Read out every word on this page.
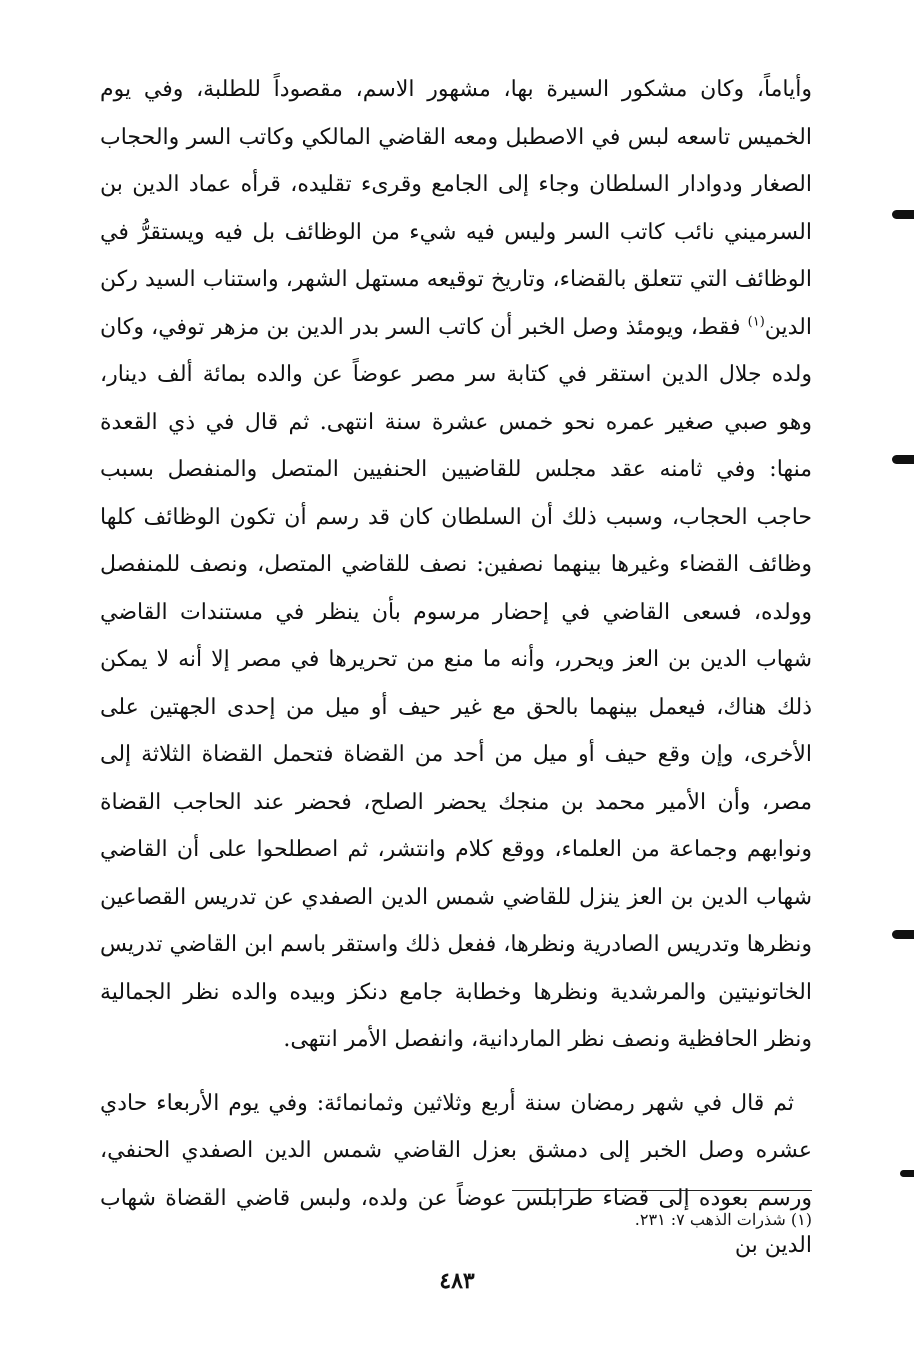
وأياماً، وكان مشكور السيرة بها، مشهور الاسم، مقصوداً للطلبة، وفي يوم الخميس تاسعه لبس في الاصطبل ومعه القاضي المالكي وكاتب السر والحجاب الصغار ودوادار السلطان وجاء إلى الجامع وقرىء تقليده، قرأه عماد الدين بن السرميني نائب كاتب السر وليس فيه شيء من الوظائف بل فيه ويستقرُّ في الوظائف التي تتعلق بالقضاء، وتاريخ توقيعه مستهل الشهر، واستناب السيد ركن الدين$^{(١)}$ فقط، ويومئذ وصل الخبر أن كاتب السر بدر الدين بن مزهر توفي، وكان ولده جلال الدين استقر في كتابة سر مصر عوضاً عن والده بمائة ألف دينار، وهو صبي صغير عمره نحو خمس عشرة سنة انتهى. ثم قال في ذي القعدة منها: وفي ثامنه عقد مجلس للقاضيين الحنفيين المتصل والمنفصل بسبب حاجب الحجاب، وسبب ذلك أن السلطان كان قد رسم أن تكون الوظائف كلها وظائف القضاء وغيرها بينهما نصفين: نصف للقاضي المتصل، ونصف للمنفصل وولده، فسعى القاضي في إحضار مرسوم بأن ينظر في مستندات القاضي شهاب الدين بن العز ويحرر، وأنه ما منع من تحريرها في مصر إلا أنه لا يمكن ذلك هناك، فيعمل بينهما بالحق مع غير حيف أو ميل من إحدى الجهتين على الأخرى، وإن وقع حيف أو ميل من أحد من القضاة فتحمل القضاة الثلاثة إلى مصر، وأن الأمير محمد بن منجك يحضر الصلح، فحضر عند الحاجب القضاة ونوابهم وجماعة من العلماء، ووقع كلام وانتشر، ثم اصطلحوا على أن القاضي شهاب الدين بن العز ينزل للقاضي شمس الدين الصفدي عن تدريس القصاعين ونظرها وتدريس الصادرية ونظرها، ففعل ذلك واستقر باسم ابن القاضي تدريس الخاتونيتين والمرشدية ونظرها وخطابة جامع دنكز وبيده والده نظر الجمالية ونظر الحافظية ونصف نظر الماردانية، وانفصل الأمر انتهى.

ثم قال في شهر رمضان سنة أربع وثلاثين وثمانمائة: وفي يوم الأربعاء حادي عشره وصل الخبر إلى دمشق بعزل القاضي شمس الدين الصفدي الحنفي، ورسم بعوده إلى قضاء طرابلس عوضاً عن ولده، ولبس قاضي القضاة شهاب الدين بن

(١) شذرات الذهب ٧: ٢٣١.
٤٨٣
